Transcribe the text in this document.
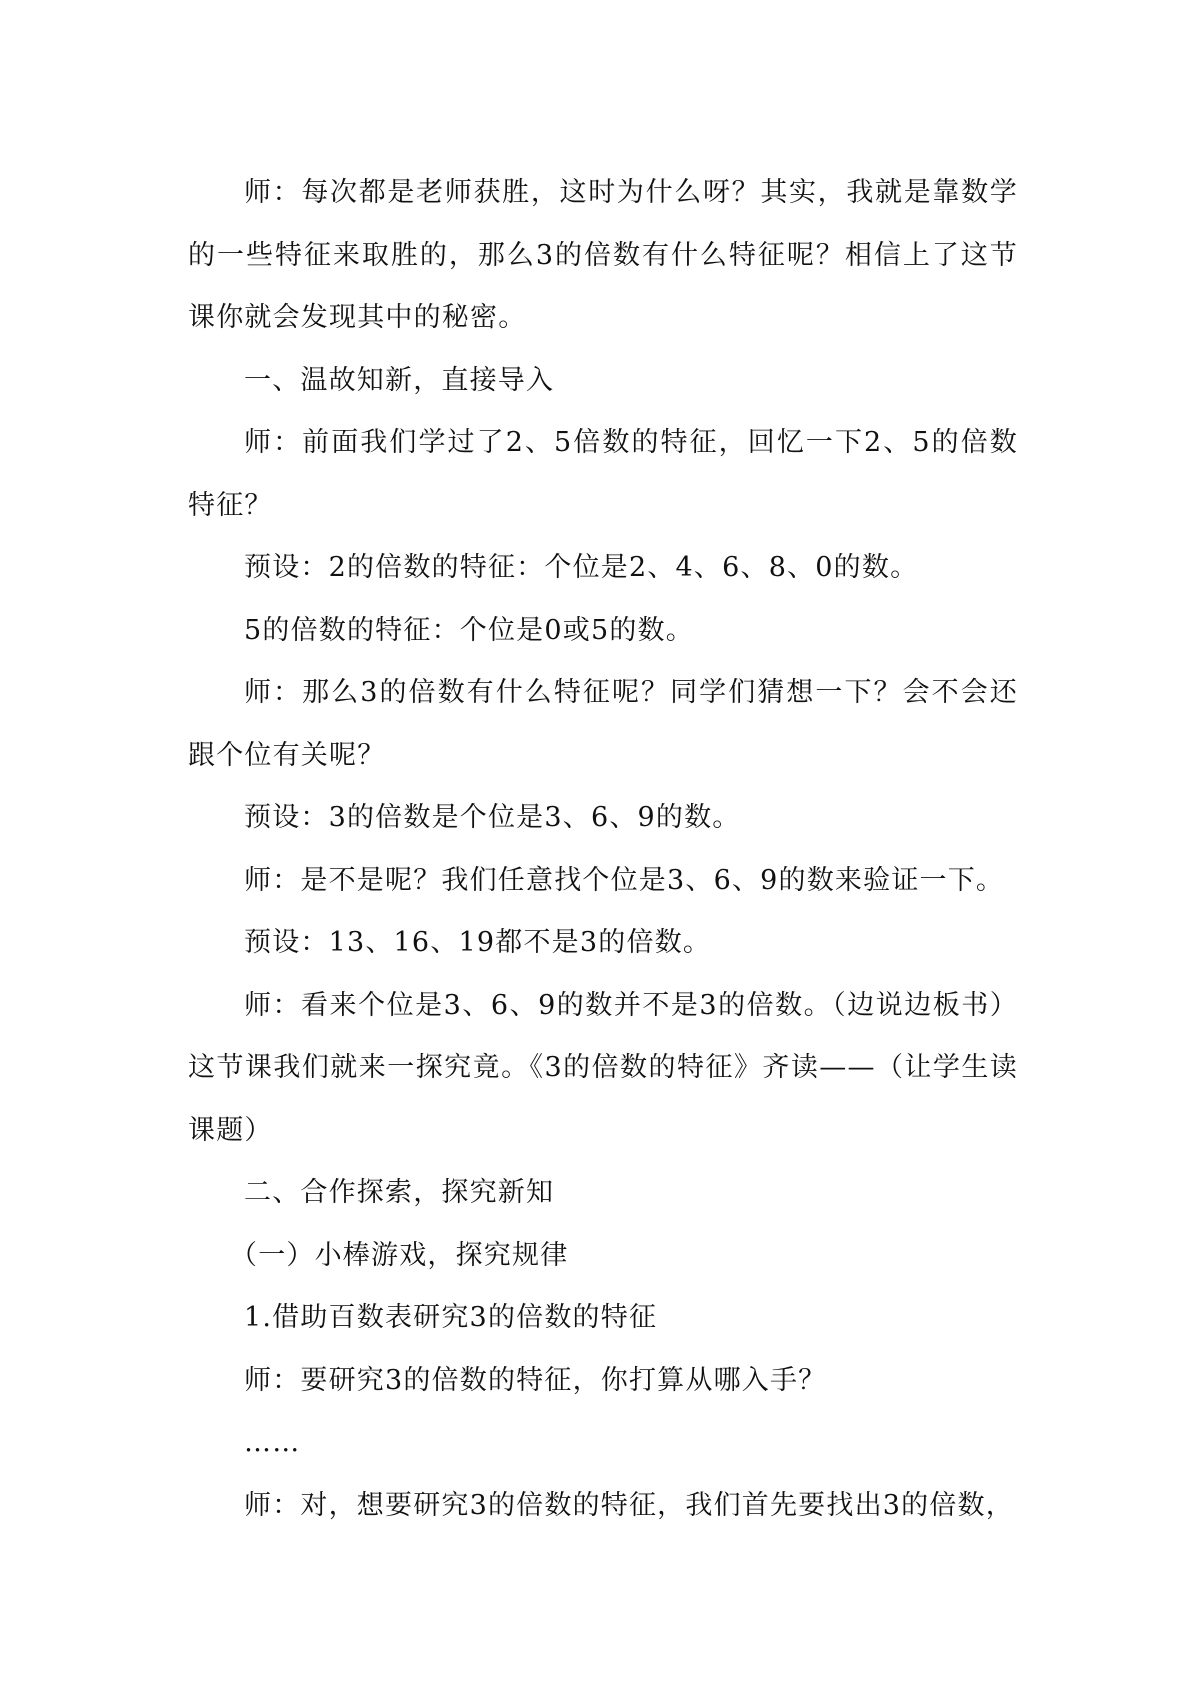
师：每次都是老师获胜，这时为什么呀？其实，我就是靠数学的一些特征来取胜的，那么3的倍数有什么特征呢？相信上了这节课你就会发现其中的秘密。

一、温故知新，直接导入

师：前面我们学过了2、5倍数的特征，回忆一下2、5的倍数特征？

预设：2的倍数的特征：个位是2、4、6、8、0的数。

5的倍数的特征：个位是0或5的数。

师：那么3的倍数有什么特征呢？同学们猜想一下？会不会还跟个位有关呢？

预设：3的倍数是个位是3、6、9的数。

师：是不是呢？我们任意找个位是3、6、9的数来验证一下。

预设：13、16、19都不是3的倍数。

师：看来个位是3、6、9的数并不是3的倍数。（边说边板书）这节课我们就来一探究竟。《3的倍数的特征》齐读——（让学生读课题）

二、合作探索，探究新知

（一）小棒游戏，探究规律

1.借助百数表研究3的倍数的特征

师：要研究3的倍数的特征，你打算从哪入手？

……

师：对，想要研究3的倍数的特征，我们首先要找出3的倍数，
